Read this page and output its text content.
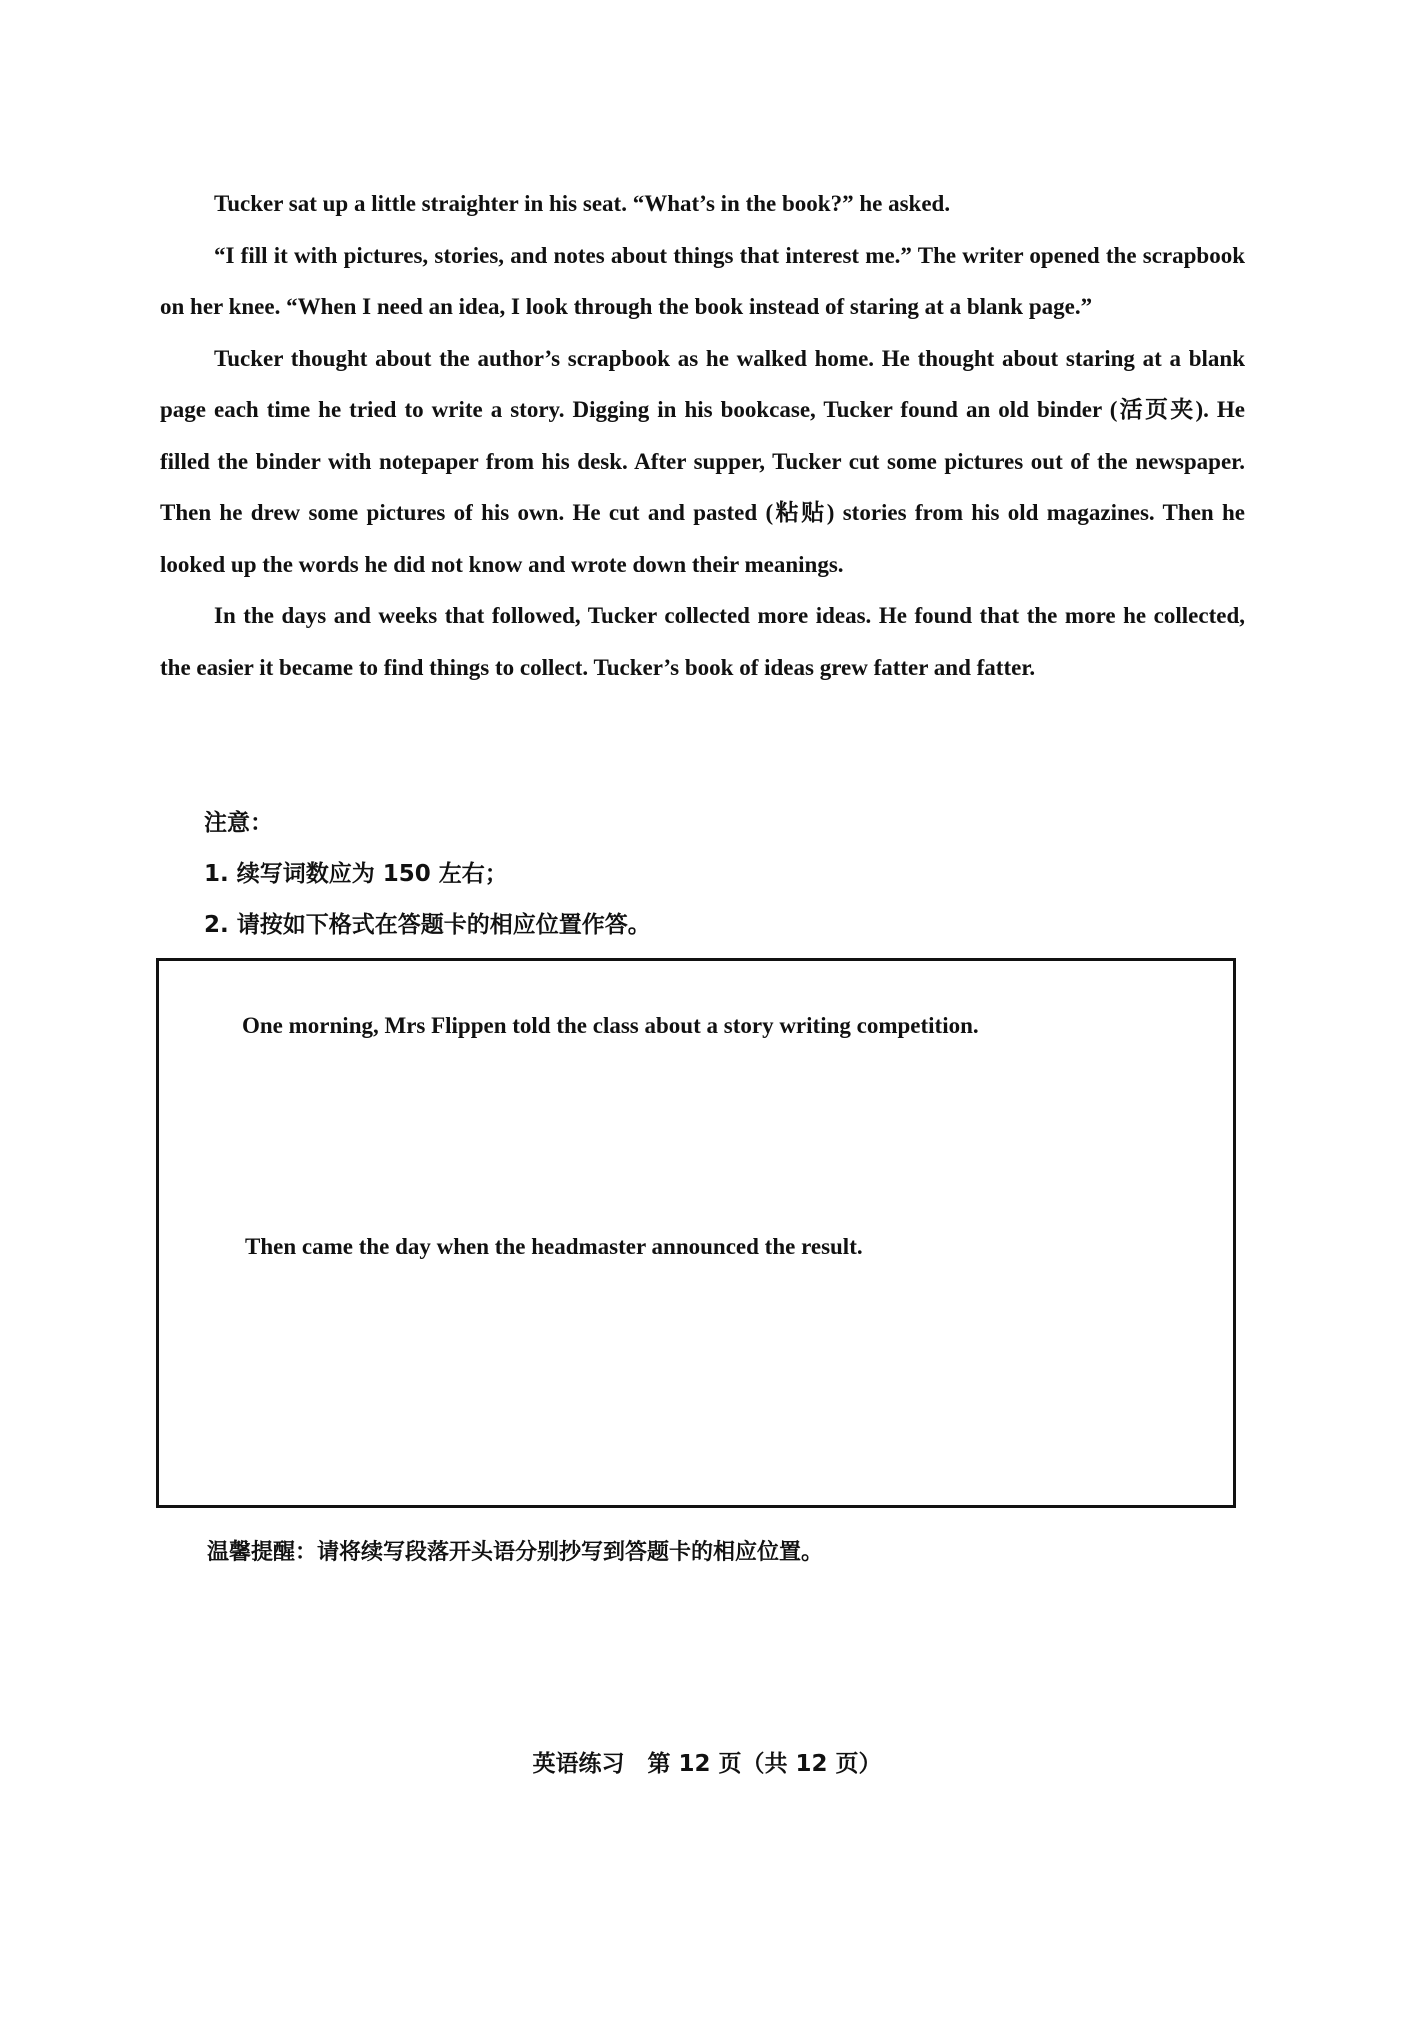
Tucker sat up a little straighter in his seat. “What’s in the book?” he asked.

“I fill it with pictures, stories, and notes about things that interest me.” The writer opened the scrapbook on her knee. “When I need an idea, I look through the book instead of staring at a blank page.”

Tucker thought about the author’s scrapbook as he walked home. He thought about staring at a blank page each time he tried to write a story. Digging in his bookcase, Tucker found an old binder (活页夹). He filled the binder with notepaper from his desk. After supper, Tucker cut some pictures out of the newspaper. Then he drew some pictures of his own. He cut and pasted (粘贴) stories from his old magazines. Then he looked up the words he did not know and wrote down their meanings.

In the days and weeks that followed, Tucker collected more ideas. He found that the more he collected, the easier it became to find things to collect. Tucker’s book of ideas grew fatter and fatter.

注意：

1. 续写词数应为 150 左右；

2. 请按如下格式在答题卡的相应位置作答。

One morning, Mrs Flippen told the class about a story writing competition.

Then came the day when the headmaster announced the result.

温馨提醒：请将续写段落开头语分别抄写到答题卡的相应位置。

英语练习　第 12 页（共 12 页）
